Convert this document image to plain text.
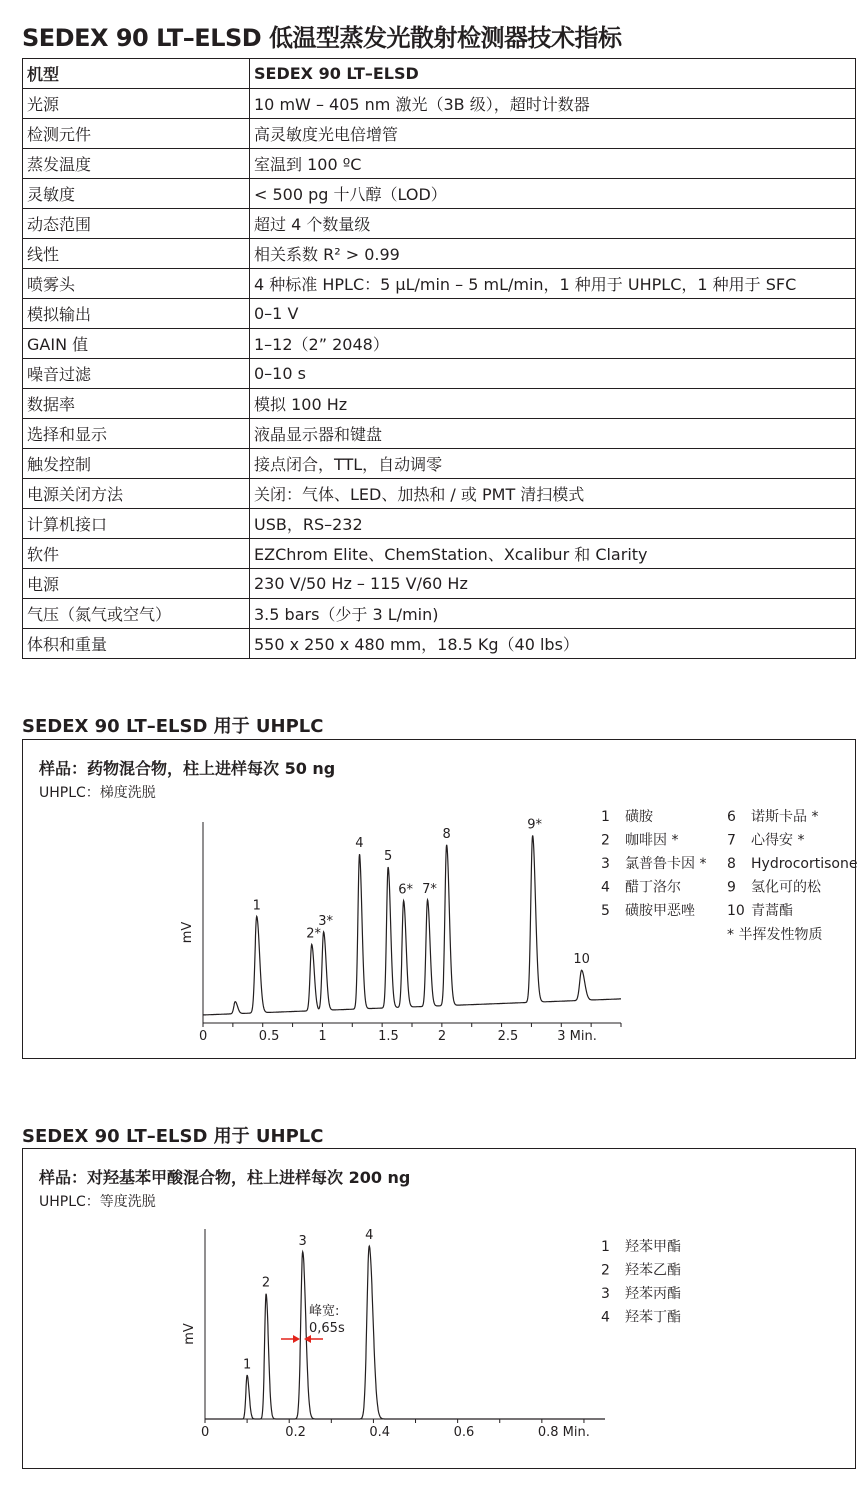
SEDEX 90 LT–ELSD 低温型蒸发光散射检测器技术指标
机型	SEDEX 90 LT–ELSD
光源	10 mW – 405 nm 激光（3B 级），超时计数器
检测元件	高灵敏度光电倍增管
蒸发温度	室温到 100 ºC
灵敏度	< 500 pg 十八醇（LOD）
动态范围	超过 4 个数量级
线性	相关系数 R² > 0.99
喷雾头	4 种标准 HPLC：5 µL/min – 5 mL/min，1 种用于 UHPLC，1 种用于 SFC
模拟输出	0–1 V
GAIN 值	1–12（2” 2048）
噪音过滤	0–10 s
数据率	模拟 100 Hz
选择和显示	液晶显示器和键盘
触发控制	接点闭合，TTL，自动调零
电源关闭方法	关闭：气体、LED、加热和 / 或 PMT 清扫模式
计算机接口	USB，RS–232
软件	EZChrom Elite、ChemStation、Xcalibur 和 Clarity
电源	230 V/50 Hz – 115 V/60 Hz
气压（氮气或空气）	3.5 bars（少于 3 L/min)
体积和重量	550 x 250 x 480 mm，18.5 Kg（40 lbs）
SEDEX 90 LT–ELSD 用于 UHPLC
样品：药物混合物，柱上进样每次 50 ng
UHPLC：梯度洗脱
mV
0	0.5	1	1.5	2	2.5	3 Min.
1
2*
3*
4
5
6* 7*
8
9*
10
1 磺胺
2 咖啡因 *
3 氯普鲁卡因 *
4 醋丁洛尔
5 磺胺甲恶唑
6 诺斯卡品 *
7 心得安 *
8 Hydrocortisone
9 氢化可的松
10 青蒿酯
* 半挥发性物质
SEDEX 90 LT–ELSD 用于 UHPLC
样品：对羟基苯甲酸混合物，柱上进样每次 200 ng
UHPLC：等度洗脱
mV
0	0.2	0.4	0.6	0.8 Min.
1
2
3	4
1 羟苯甲酯
2 羟苯乙酯
3 羟苯丙酯
4 羟苯丁酯
峰宽:
0,65s
